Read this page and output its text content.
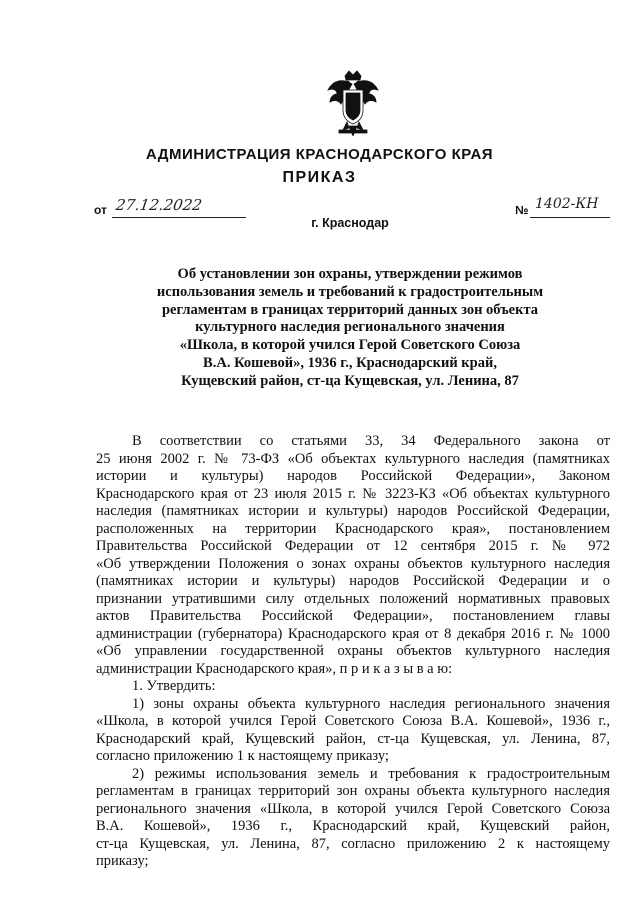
АДМИНИСТРАЦИЯ КРАСНОДАРСКОГО КРАЯ
ПРИКАЗ
от 27.12.2022
г. Краснодар
№ 1402-КН
Об установлении зон охраны, утверждении режимов
использования земель и требований к градостроительным
регламентам в границах территорий данных зон объекта
культурного наследия регионального значения
«Школа, в которой учился Герой Советского Союза
В.А. Кошевой», 1936 г., Краснодарский край,
Кущевский район, ст-ца Кущевская, ул. Ленина, 87
В соответствии со статьями 33, 34 Федерального закона от
25 июня 2002 г. № 73-ФЗ «Об объектах культурного наследия (памятниках
истории и культуры) народов Российской Федерации», Законом
Краснодарского края от 23 июля 2015 г. № 3223-КЗ «Об объектах культурного
наследия (памятниках истории и культуры) народов Российской Федерации,
расположенных на территории Краснодарского края», постановлением
Правительства Российской Федерации от 12 сентября 2015 г. № 972
«Об утверждении Положения о зонах охраны объектов культурного наследия
(памятниках истории и культуры) народов Российской Федерации и о
признании утратившими силу отдельных положений нормативных правовых
актов Правительства Российской Федерации», постановлением главы
администрации (губернатора) Краснодарского края от 8 декабря 2016 г. № 1000
«Об управлении государственной охраны объектов культурного наследия
администрации Краснодарского края», п р и к а з ы в а ю:
1. Утвердить:
1) зоны охраны объекта культурного наследия регионального значения
«Школа, в которой учился Герой Советского Союза В.А. Кошевой», 1936 г.,
Краснодарский край, Кущевский район, ст-ца Кущевская, ул. Ленина, 87,
согласно приложению 1 к настоящему приказу;
2) режимы использования земель и требования к градостроительным
регламентам в границах территорий зон охраны объекта культурного наследия
регионального значения «Школа, в которой учился Герой Советского Союза
В.А. Кошевой», 1936 г., Краснодарский край, Кущевский район,
ст-ца Кущевская, ул. Ленина, 87, согласно приложению 2 к настоящему
приказу;
